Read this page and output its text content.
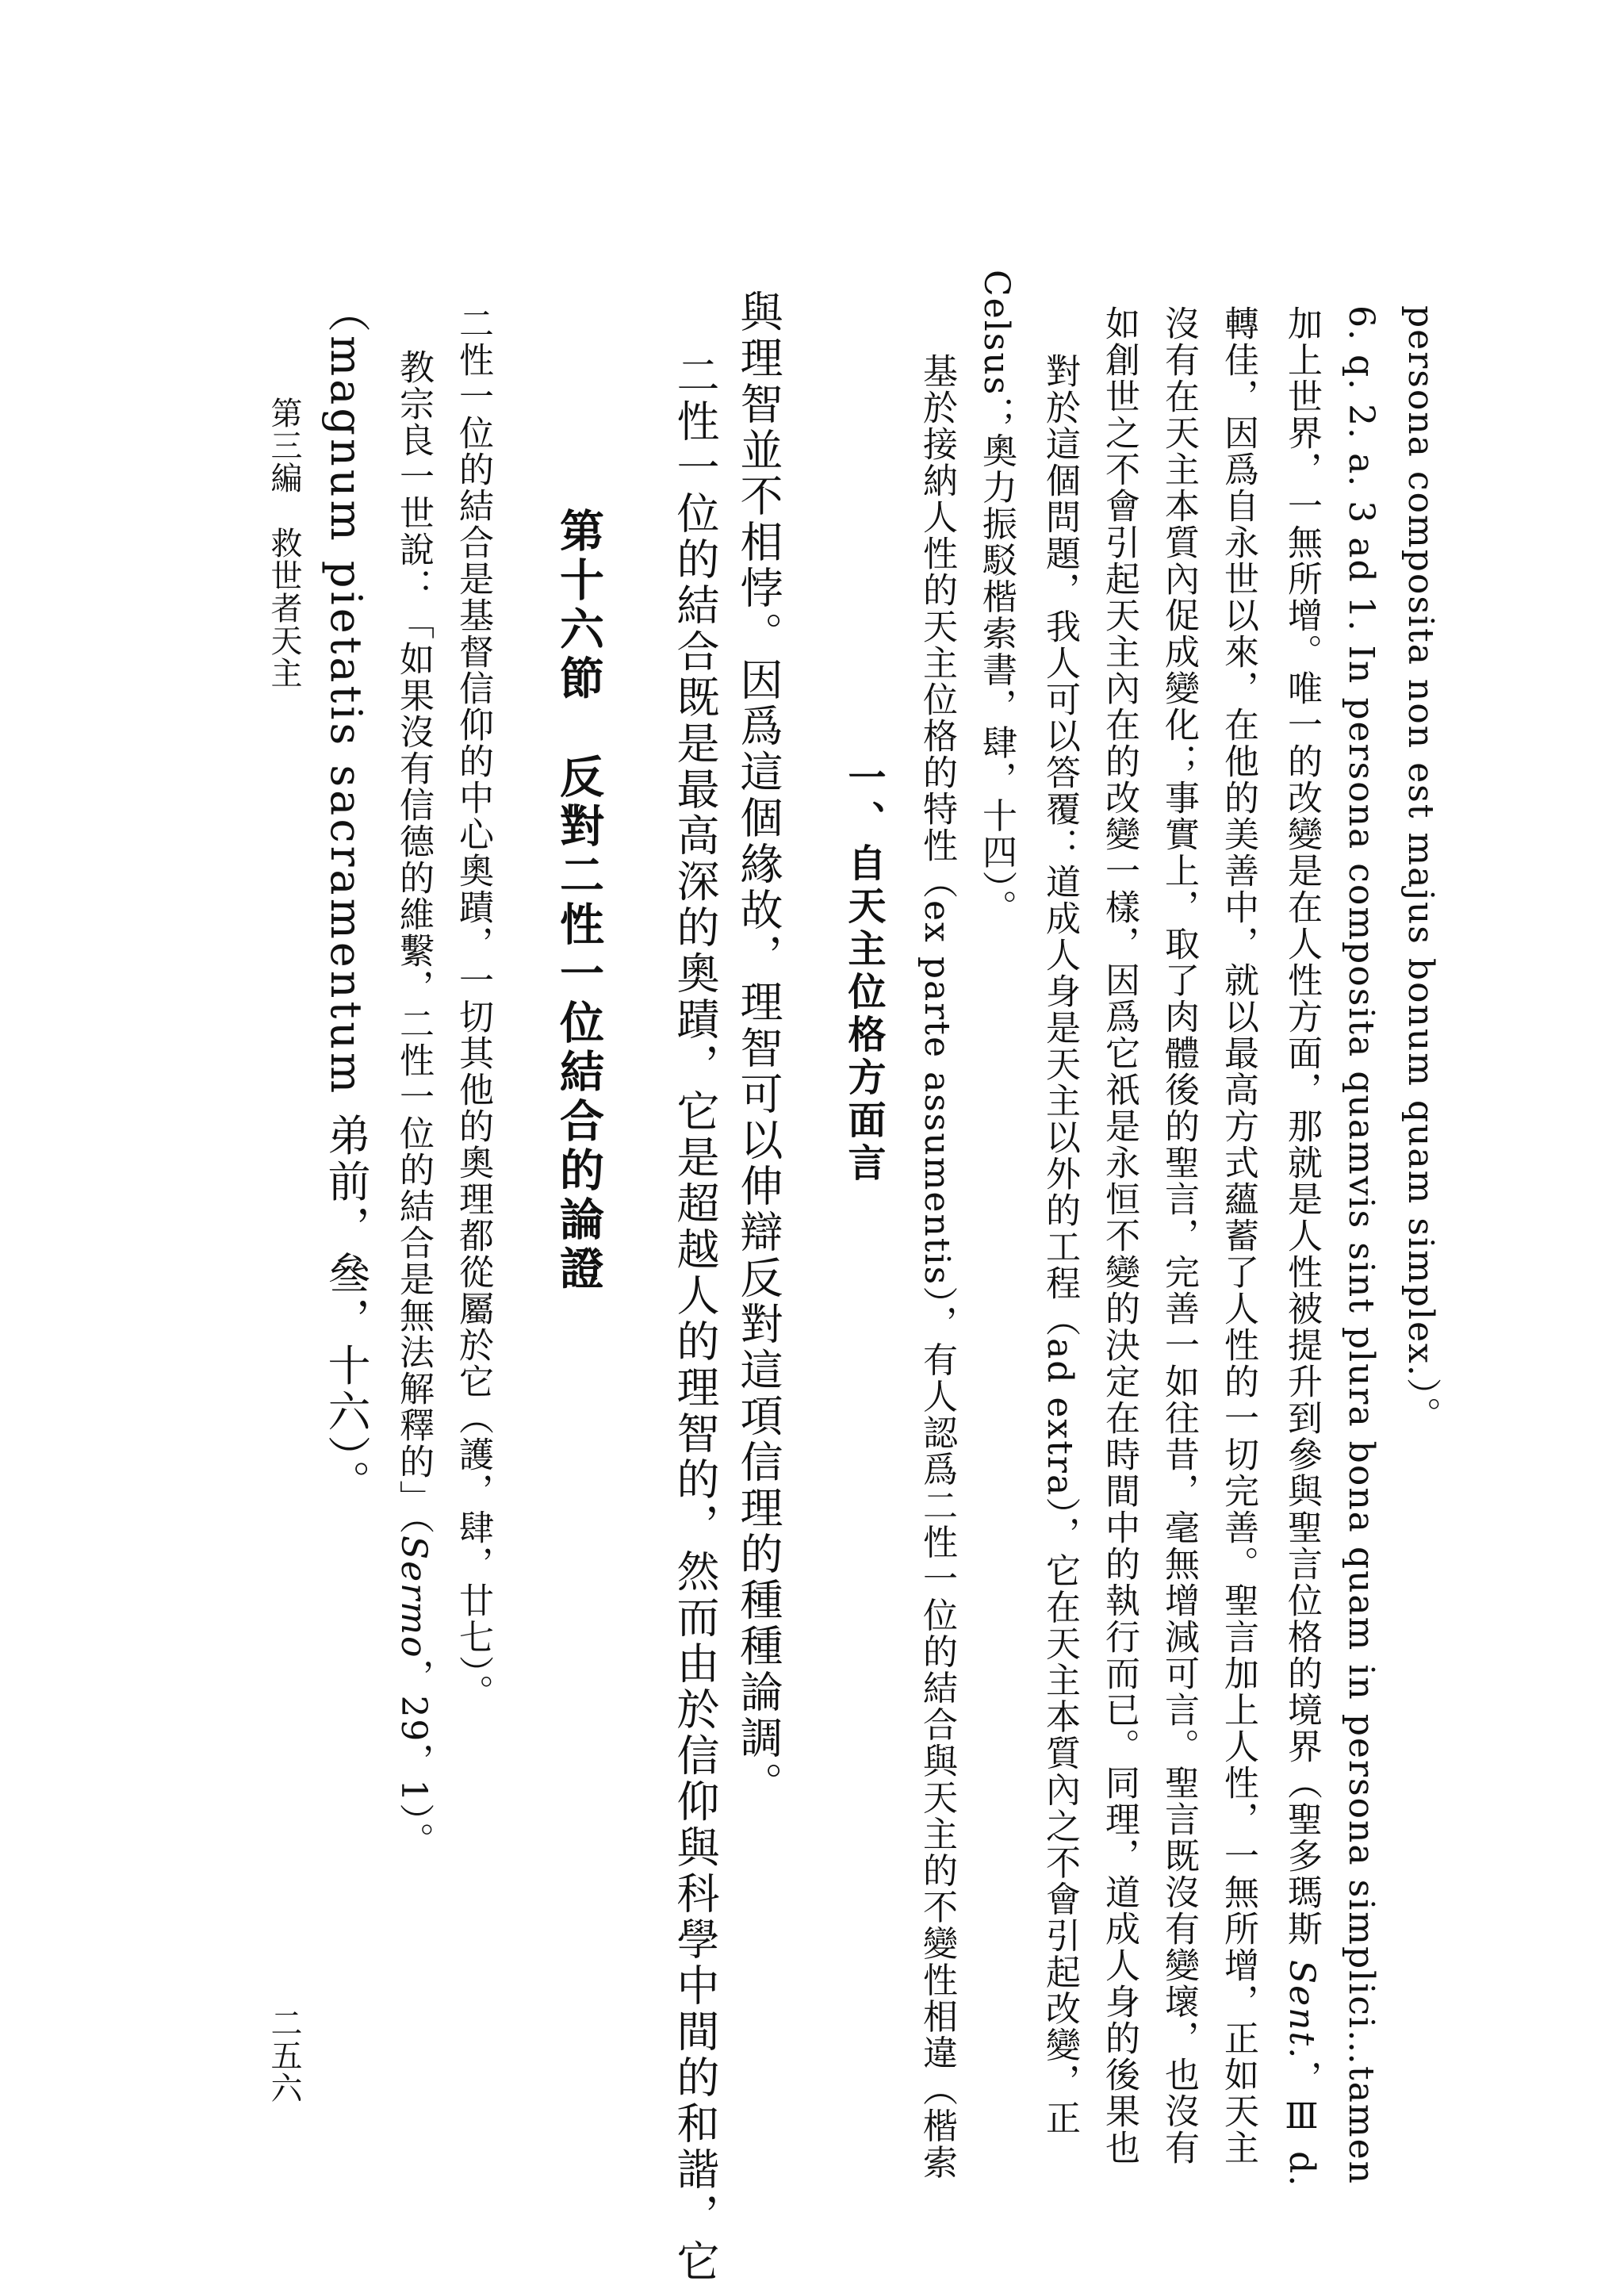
第三編　救世者天主
二五六
（magnum pietatis sacramentum 弟前，叄，十六）。 教宗良一世說：「如果沒有信德的維繫，二性一位的結合是無法解釋的」（Sermo，29，1）。
二性一位的結合是基督信仰的中心奧蹟，一切其他的奧理都從屬於它（護，肆，廿七）。 第十六節　反對二性一位結合的論證 二性一位的結合既是最高深的奧蹟，它是超越人的理智的，然而由於信仰與科學中間的和諧，它 與理智並不相悖。因爲這個緣故，理智可以伸辯反對這項信理的種種論調。 一、自天主位格方面言 基於接納人性的天主位格的特性（ex parte assumentis），有人認爲二性一位的結合與天主的不變性相違（楷索 Celsus；奧力振駁楷索書，肆，十四）。 對於這個問題，我人可以答覆：道成人身是天主以外的工程（ad extra），它在天主本質內之不會引起改變，正 如創世之不會引起天主內在的改變一樣，因爲它祇是永恒不變的決定在時間中的執行而已。同理，道成人身的後果也 沒有在天主本質內促成變化；事實上，取了肉體後的聖言，完善一如往昔，毫無增減可言。聖言既沒有變壞，也沒有 轉佳，因爲自永世以來，在他的美善中，就以最高方式蘊蓄了人性的一切完善。聖言加上人性，一無所增，正如天主 加上世界，一無所增。唯一的改變是在人性方面，那就是人性被提升到參與聖言位格的境界（聖多瑪斯 Sent.，Ⅲ d. 6. q. 2. a. 3 ad 1. In persona composita quamvis sint plura bona quam in persona simplici…tamen persona composita non est majus bonum quam simplex.）。
